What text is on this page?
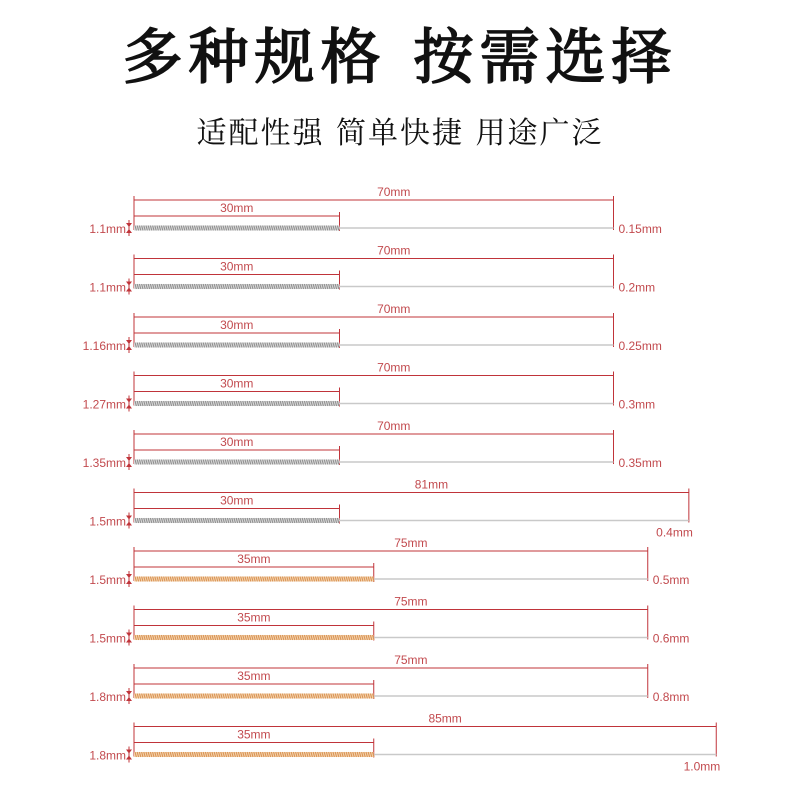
多种规格 按需选择
适配性强 简单快捷 用途广泛
70mm
30mm
1.1mm	0.15mm
70mm
30mm
1.1mm	0.2mm
70mm
30mm
1.16mm	0.25mm
70mm
30mm
1.27mm	0.3mm
70mm
30mm
1.35mm	0.35mm
81mm
30mm
1.5mm
0.4mm
75mm
35mm
1.5mm	0.5mm
75mm
35mm
1.5mm	0.6mm
75mm
35mm
1.8mm	0.8mm
85mm
35mm
1.8mm
1.0mm
